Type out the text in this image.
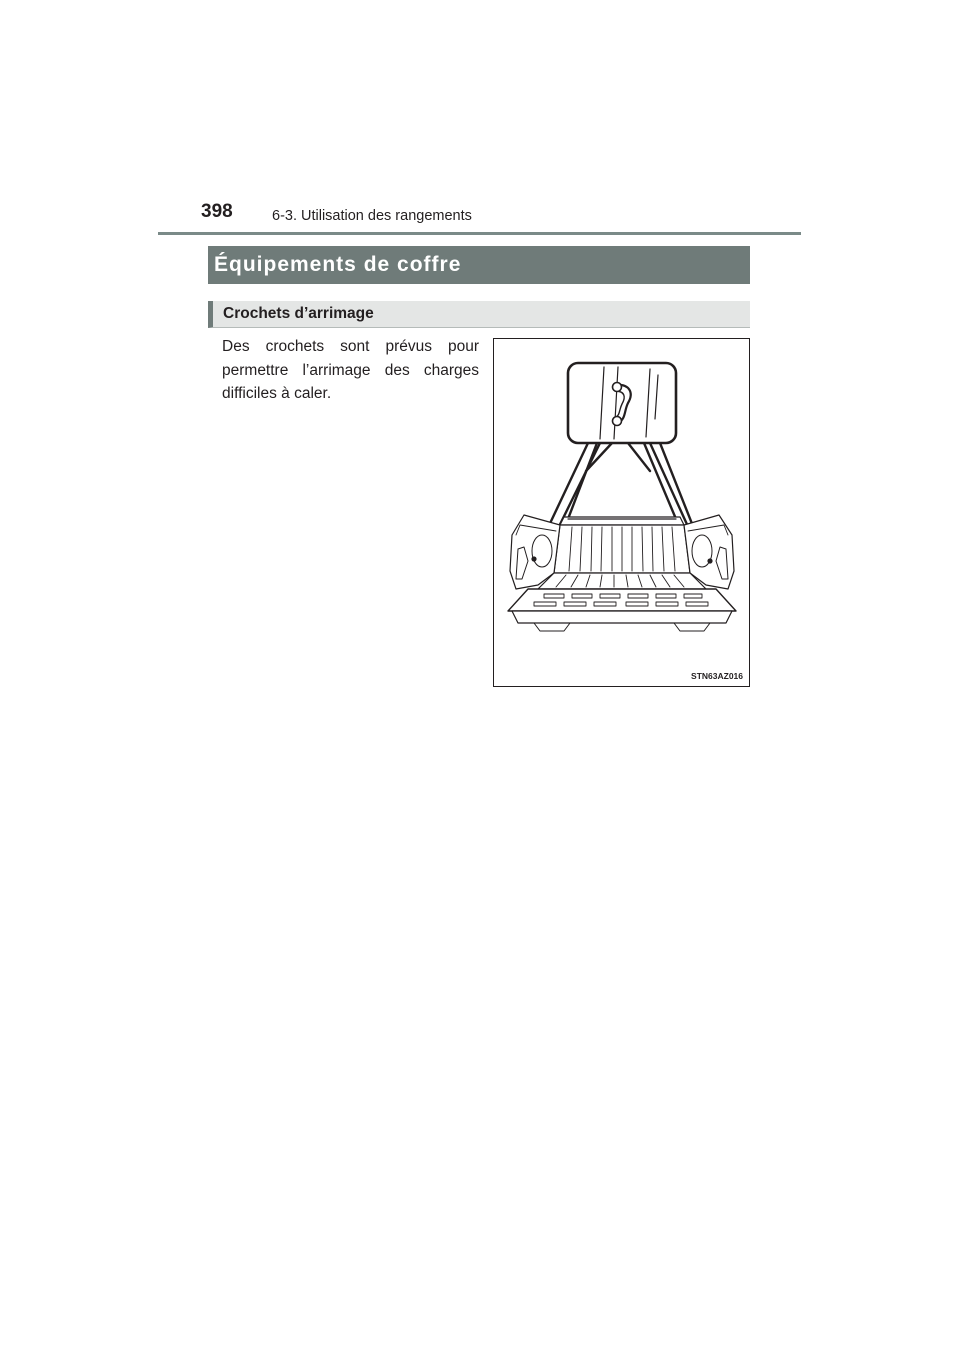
398	6-3. Utilisation des rangements
Équipements de coffre
Crochets d’arrimage
Des crochets sont prévus pour permettre l’arrimage des charges difficiles à caler.
STN63AZ016
